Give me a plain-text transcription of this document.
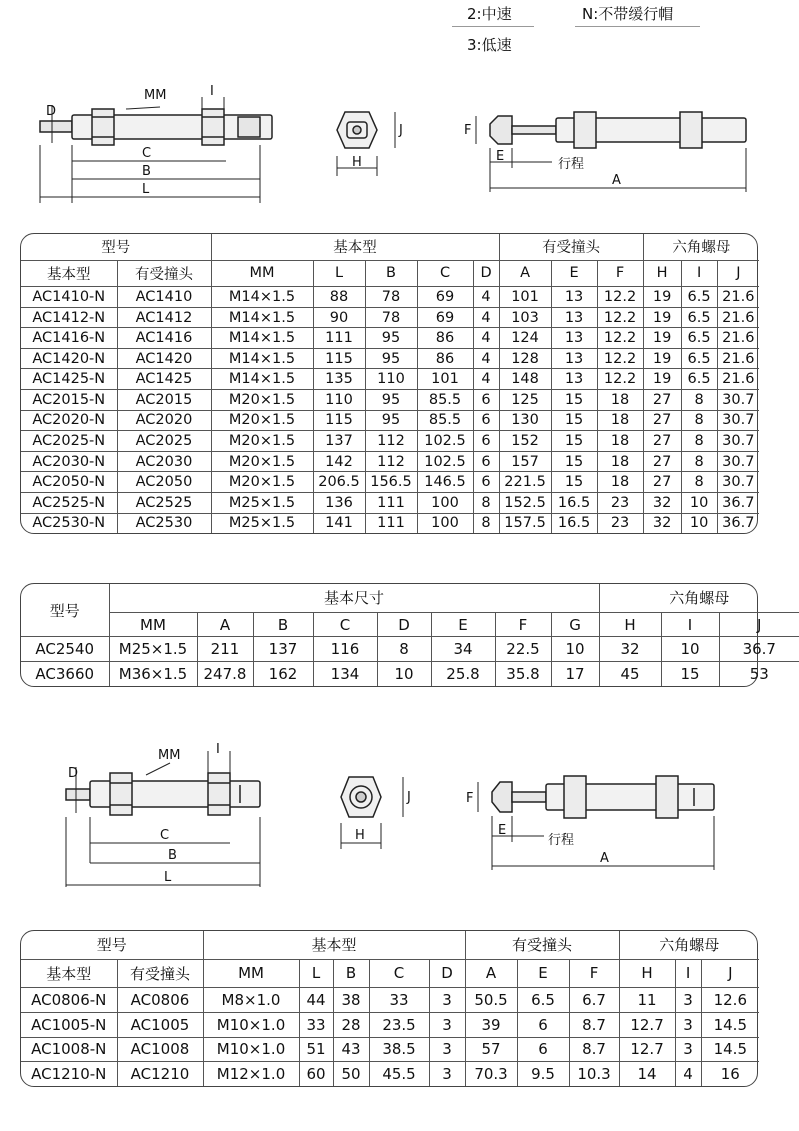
2:中速
3:低速
N:不带缓行帽
D
MM	I
C
B
L
J
H
F
E
行程
A
型号		基本型					有受撞头			六角螺母		
基本型	有受撞头	MM	L	B	C	D	A	E	F	H	I	J
AC1410-N	AC1410	M14×1.5	88	78	69	4	101	13	12.2	19	6.5	21.6
AC1412-N	AC1412	M14×1.5	90	78	69	4	103	13	12.2	19	6.5	21.6
AC1416-N	AC1416	M14×1.5	111	95	86	4	124	13	12.2	19	6.5	21.6
AC1420-N	AC1420	M14×1.5	115	95	86	4	128	13	12.2	19	6.5	21.6
AC1425-N	AC1425	M14×1.5	135	110	101	4	148	13	12.2	19	6.5	21.6
AC2015-N	AC2015	M20×1.5	110	95	85.5	6	125	15	18	27	8	30.7
AC2020-N	AC2020	M20×1.5	115	95	85.5	6	130	15	18	27	8	30.7
AC2025-N	AC2025	M20×1.5	137	112	102.5	6	152	15	18	27	8	30.7
AC2030-N	AC2030	M20×1.5	142	112	102.5	6	157	15	18	27	8	30.7
AC2050-N	AC2050	M20×1.5	206.5	156.5	146.5	6	221.5	15	18	27	8	30.7
AC2525-N	AC2525	M25×1.5	136	111	100	8	152.5	16.5	23	32	10	36.7
AC2530-N	AC2530	M25×1.5	141	111	100	8	157.5	16.5	23	32	10	36.7
型号	基本尺寸								六角螺母		
	MM	A	B	C	D	E	F	G	H	I	J
AC2540	M25×1.5	211	137	116	8	34	22.5	10	32	10	36.7
AC3660	M36×1.5	247.8	162	134	10	25.8	35.8	17	45	15	53
D
MM	I
C
B
L
J
H
F
E
行程
A
型号		基本型					有受撞头			六角螺母		
基本型	有受撞头	MM	L	B	C	D	A	E	F	H	I	J
AC0806-N	AC0806	M8×1.0	44	38	33	3	50.5	6.5	6.7	11	3	12.6
AC1005-N	AC1005	M10×1.0	33	28	23.5	3	39	6	8.7	12.7	3	14.5
AC1008-N	AC1008	M10×1.0	51	43	38.5	3	57	6	8.7	12.7	3	14.5
AC1210-N	AC1210	M12×1.0	60	50	45.5	3	70.3	9.5	10.3	14	4	16
